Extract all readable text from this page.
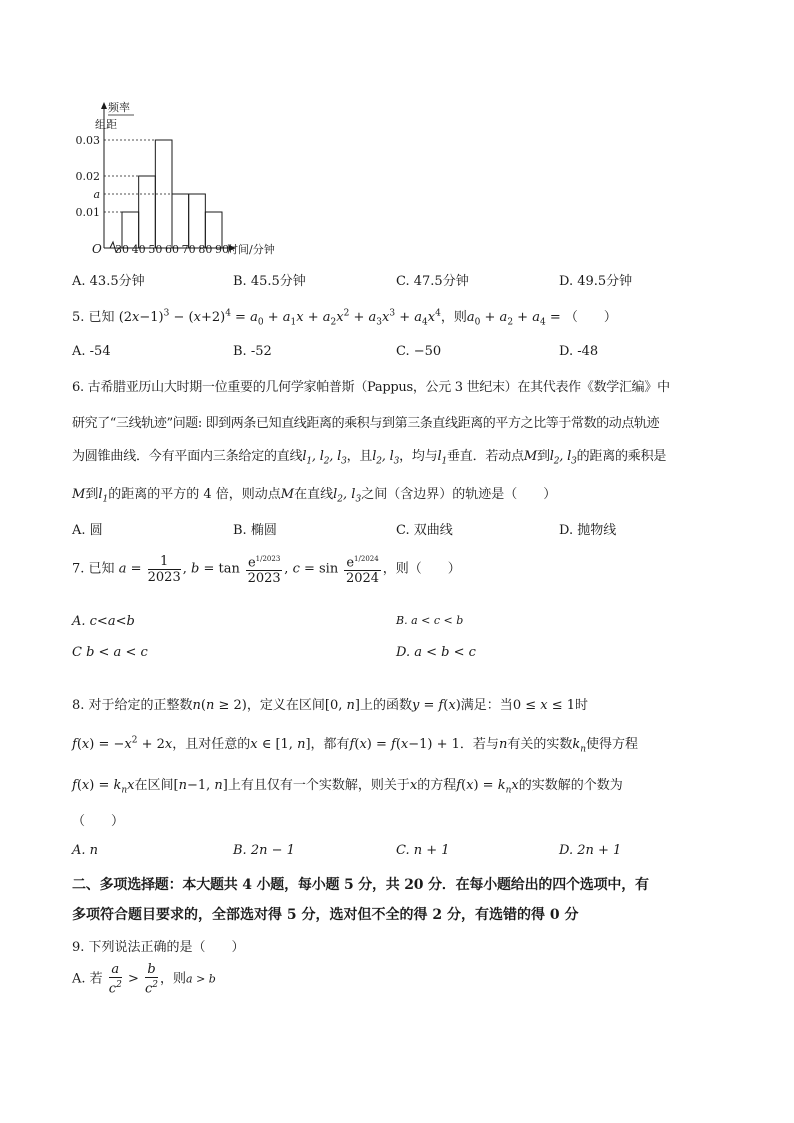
0.03
0.02
a
0.01
30 40 50 60 70 80 90
频率
组距
O	时间/分钟
A. 43.5分钟	B. 45.5分钟	C. 47.5分钟	D. 49.5分钟
5. 已知 $(2x-1)^3 - (x+2)^4 = a_0 + a_1x + a_2x^2 + a_3x^3 + a_4x^4$，则$a_0 + a_2 + a_4$ = （　　）
A. -54	B. -52	C. −50	D. -48
6. 古希腊亚历山大时期一位重要的几何学家帕普斯（Pappus，公元 3 世纪末）在其代表作《数学汇编》中
研究了“三线轨迹”问题: 即到两条已知直线距离的乘积与到第三条直线距离的平方之比等于常数的动点轨迹
为圆锥曲线．今有平面内三条给定的直线$l_1$, $l_2$, $l_3$，且$l_2$, $l_3$，均与$l_1$垂直．若动点M到$l_2$, $l_3$的距离的乘积是
M到$l_1$的距离的平方的 4 倍，则动点M在直线$l_2$, $l_3$之间（含边界）的轨迹是（　　）
A. 圆	B. 椭圆	C. 双曲线	D. 抛物线
7. 已知 $a = \frac{1}{2023}$ , $b = \tan \frac{e^{1/2023}}{2023}$ , $c = \sin \frac{e^{1/2024}}{2024}$ ，则（　　）
A. c<a<b	B. a < c < b
C b < a < c	D. a < b < c
8. 对于给定的正整数n(n ≥ 2)，定义在区间[0, n]上的函数y = f(x)满足：当0 ≤ x ≤ 1时
$f(x) = -x^2 + 2x$，且对任意的x ∈ [1, n]，都有f(x) = f(x−1) + 1．若与n有关的实数$k_n$使得方程
$f(x) = k_nx$在区间[n−1, n]上有且仅有一个实数解，则关于x的方程$f(x) = k_nx$的实数解的个数为
（　　）
A. n	B. 2n − 1	C. n + 1	D. 2n + 1
二、多项选择题：本大题共 4 小题，每小题 5 分，共 20 分．在每小题给出的四个选项中，有
多项符合题目要求的，全部选对得 5 分，选对但不全的得 2 分，有选错的得 0 分
9. 下列说法正确的是（　　）
A. 若 $\frac{a}{c^2} > \frac{b}{c^2}$ ，则a > b
